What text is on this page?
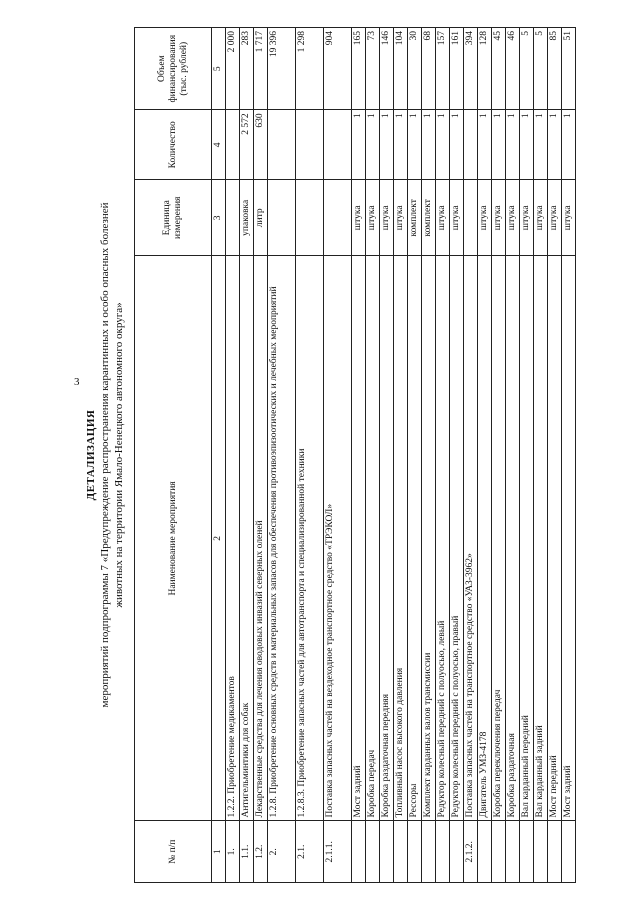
3
ДЕТАЛИЗАЦИЯ мероприятий подпрограммы 7 «Предупреждение распространения карантинных и особо опасных болезней животных на территории Ямало-Ненецкого автономного округа»
№ п/п	Наименование мероприятия	Единица измерения	Количество	Объем финансирования (тыс. рублей)
1	2	3	4	5
1.	1.2.2. Приобретение медикаментов			2 000
1.1.	Антигельминтики для собак	упаковка	2 572	283
1.2.	Лекарственные средства для лечения оводовых инвазий северных оленей	литр	630	1 717
2.	1.2.8. Приобретение основных средств и материальных запасов для обеспечения противоэпизоотических и лечебных мероприятий			19 396
2.1.	1.2.8.3. Приобретение запасных частей для автотранспорта и специализированной техники			1 298
2.1.1.	Поставка запасных частей на вездеходное транспортное средство «ТРЭКОЛ»			904
	Мост задний	штука	1	165
	Коробка передач	штука	1	73
	Коробка раздаточная передняя	штука	1	146
	Топливный насос высокого давления	штука	1	104
	Рессоры	комплект	1	30
	Комплект карданных валов трансмиссии	комплект	1	68
	Редуктор колесный передний с полуосью, левый	штука	1	157
	Редуктор колесный передний с полуосью, правый	штука	1	161
2.1.2.	Поставка запасных частей на транспортное средство «УАЗ-3962»			394
	Двигатель УМЗ-4178	штука	1	128
	Коробка переключения передач	штука	1	45
	Коробка раздаточная	штука	1	46
	Вал карданный передний	штука	1	5
	Вал карданный задний	штука	1	5
	Мост передний	штука	1	85
	Мост задний	штука	1	51
